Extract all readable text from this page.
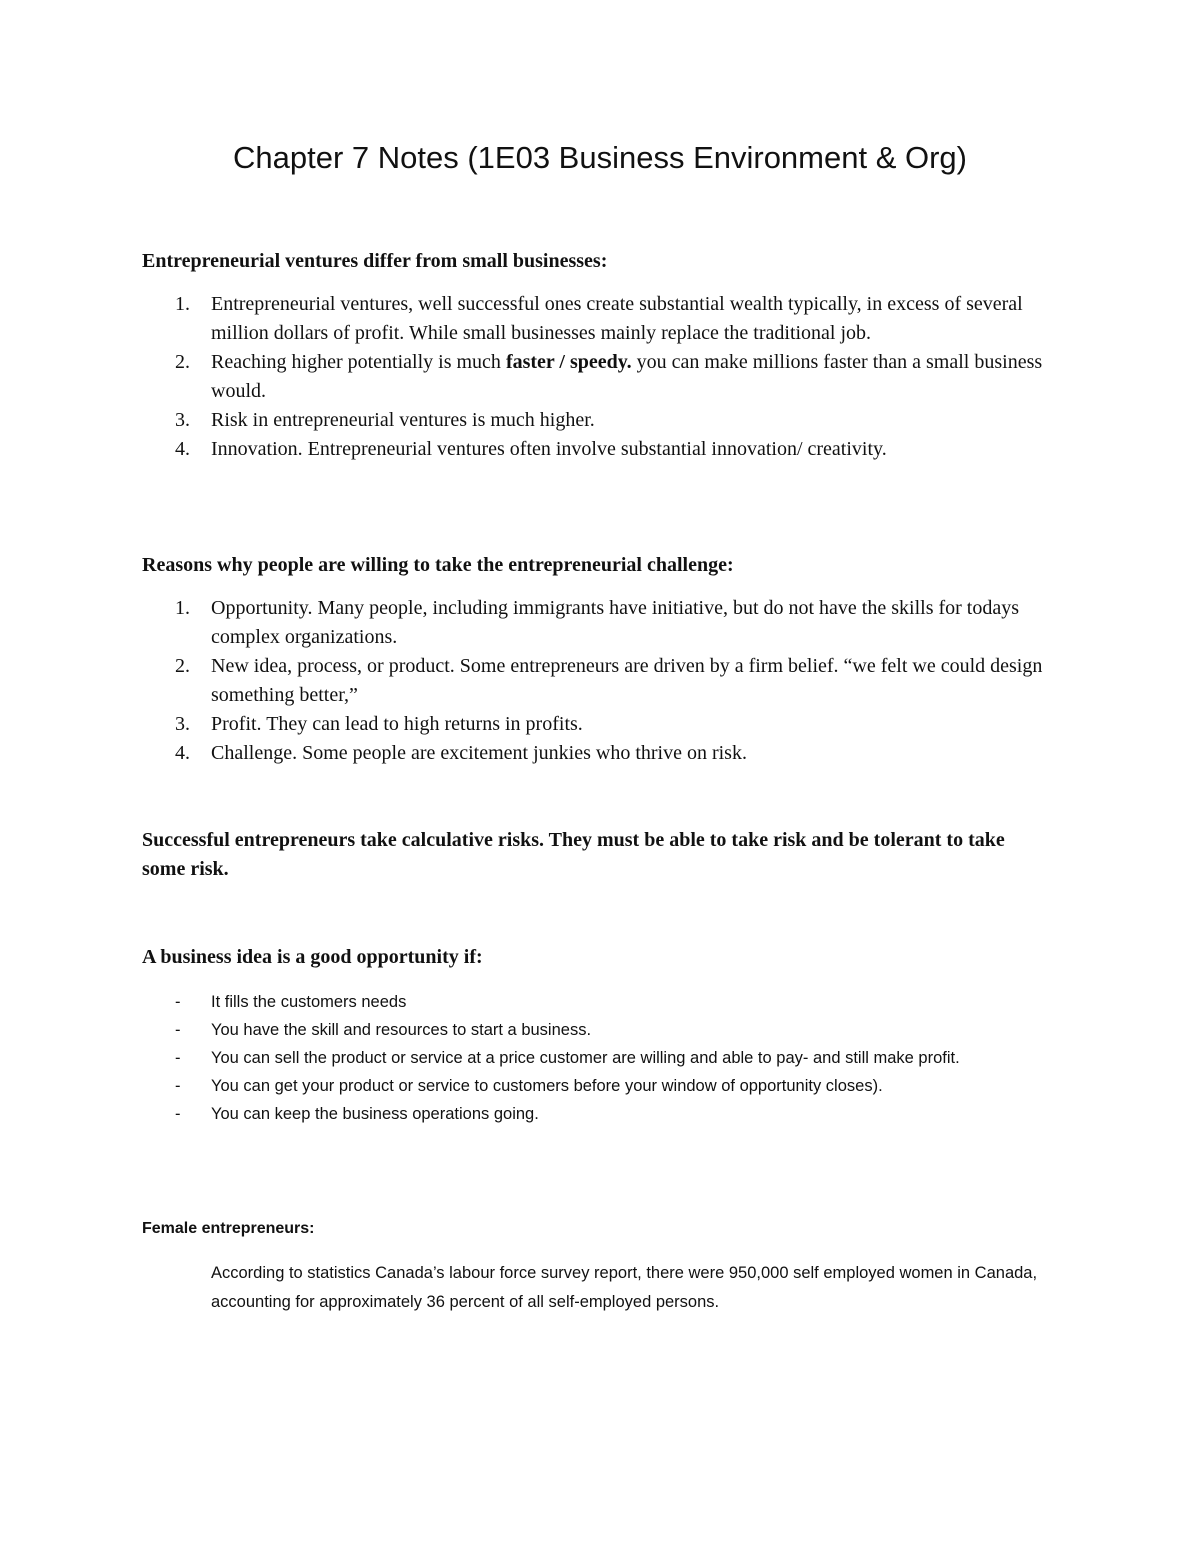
Chapter 7 Notes (1E03 Business Environment & Org)
Entrepreneurial ventures differ from small businesses:
1. Entrepreneurial ventures, well successful ones create substantial wealth typically, in excess of several million dollars of profit. While small businesses mainly replace the traditional job.
2. Reaching higher potentially is much faster / speedy. you can make millions faster than a small business would.
3. Risk in entrepreneurial ventures is much higher.
4. Innovation. Entrepreneurial ventures often involve substantial innovation/ creativity.
Reasons why people are willing to take the entrepreneurial challenge:
1. Opportunity. Many people, including immigrants have initiative, but do not have the skills for todays complex organizations.
2. New idea, process, or product. Some entrepreneurs are driven by a firm belief. “we felt we could design something better,”
3. Profit. They can lead to high returns in profits.
4. Challenge. Some people are excitement junkies who thrive on risk.
Successful entrepreneurs take calculative risks. They must be able to take risk and be tolerant to take some risk.
A business idea is a good opportunity if:
- It fills the customers needs
- You have the skill and resources to start a business.
- You can sell the product or service at a price customer are willing and able to pay- and still make profit.
- You can get your product or service to customers before your window of opportunity closes).
- You can keep the business operations going.
Female entrepreneurs:
According to statistics Canada’s labour force survey report, there were 950,000 self employed women in Canada, accounting for approximately 36 percent of all self-employed persons.
